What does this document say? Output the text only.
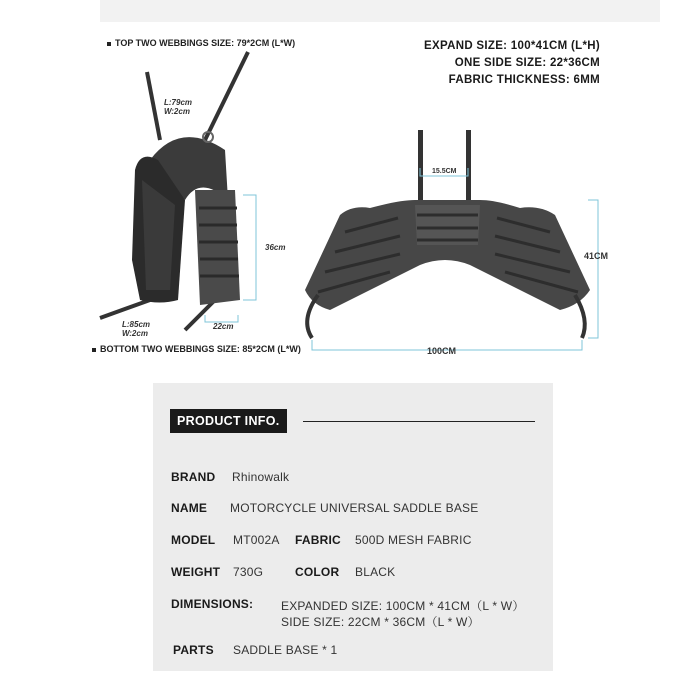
TOP TWO WEBBINGS SIZE: 79*2CM (L*W)
BOTTOM TWO WEBBINGS SIZE: 85*2CM (L*W)
EXPAND SIZE: 100*41CM (L*H)
ONE SIDE SIZE: 22*36CM
FABRIC THICKNESS: 6MM
L:79cm
W:2cm
36cm
L:85cm
W:2cm
22cm
15.5CM
41CM
100CM
PRODUCT INFO.
BRAND Rhinowalk
NAME MOTORCYCLE UNIVERSAL SADDLE BASE
MODEL MT002A FABRIC 500D MESH FABRIC
WEIGHT 730G	COLOR BLACK
DIMENSIONS: EXPANDED SIZE: 100CM * 41CM（L * W）
SIDE SIZE: 22CM * 36CM（L * W）
PARTS SADDLE BASE * 1
